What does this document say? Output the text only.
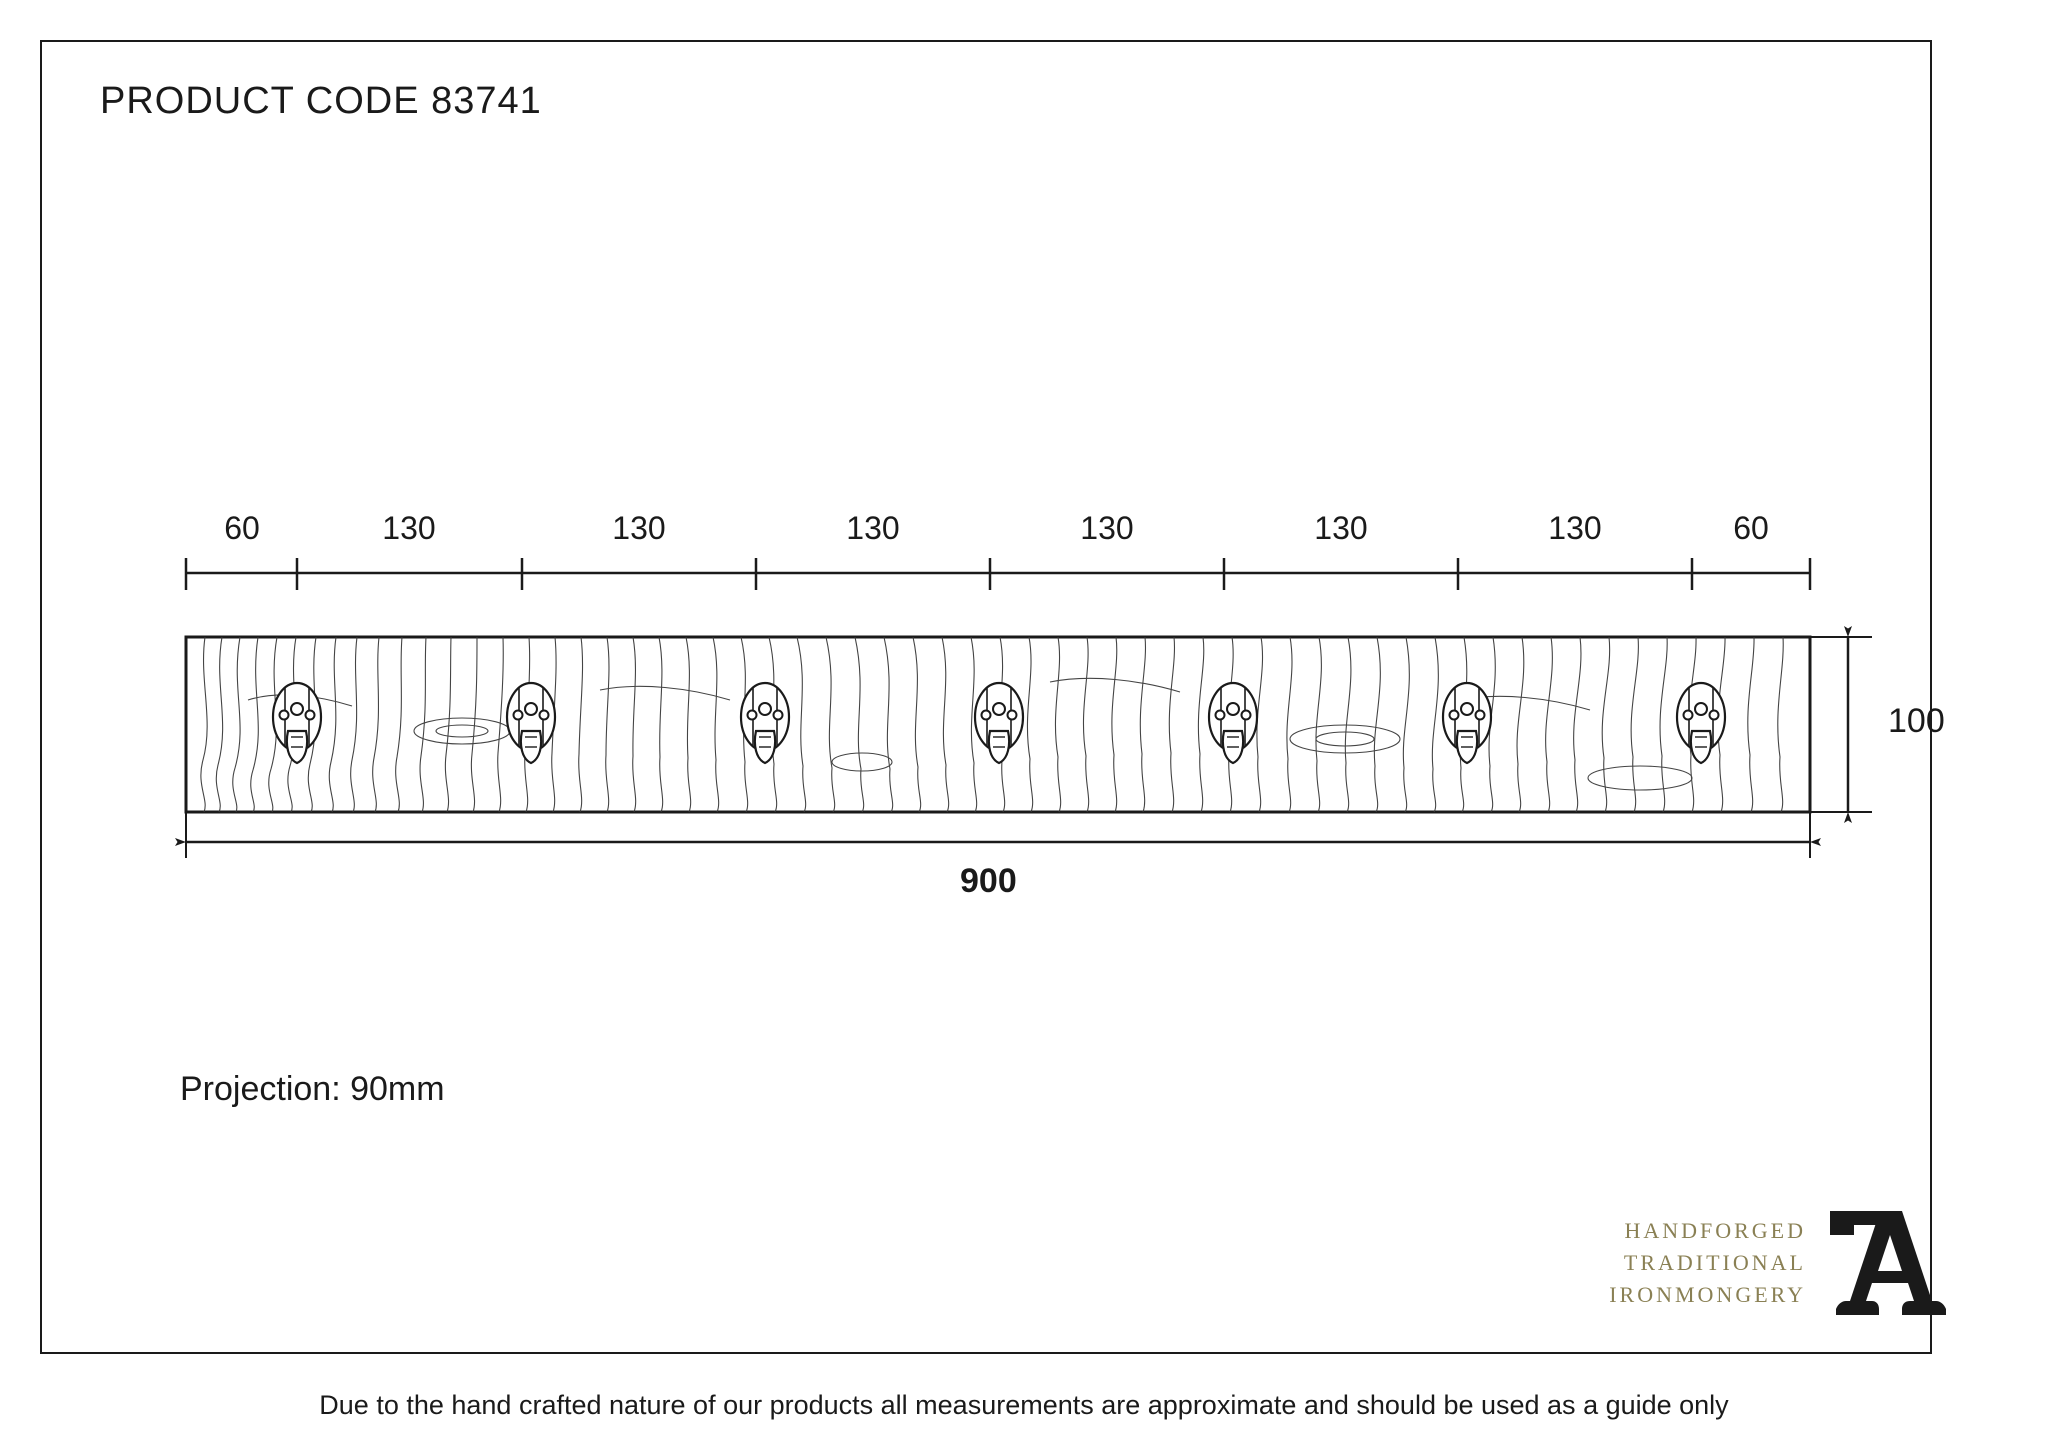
PRODUCT CODE 83741
60	130	130	130	130	130	130	60
900
100
Projection: 90mm
HANDFORGED
TRADITIONAL
IRONMONGERY
Due to the hand crafted nature of our products all measurements are approximate and should be used as a guide only
